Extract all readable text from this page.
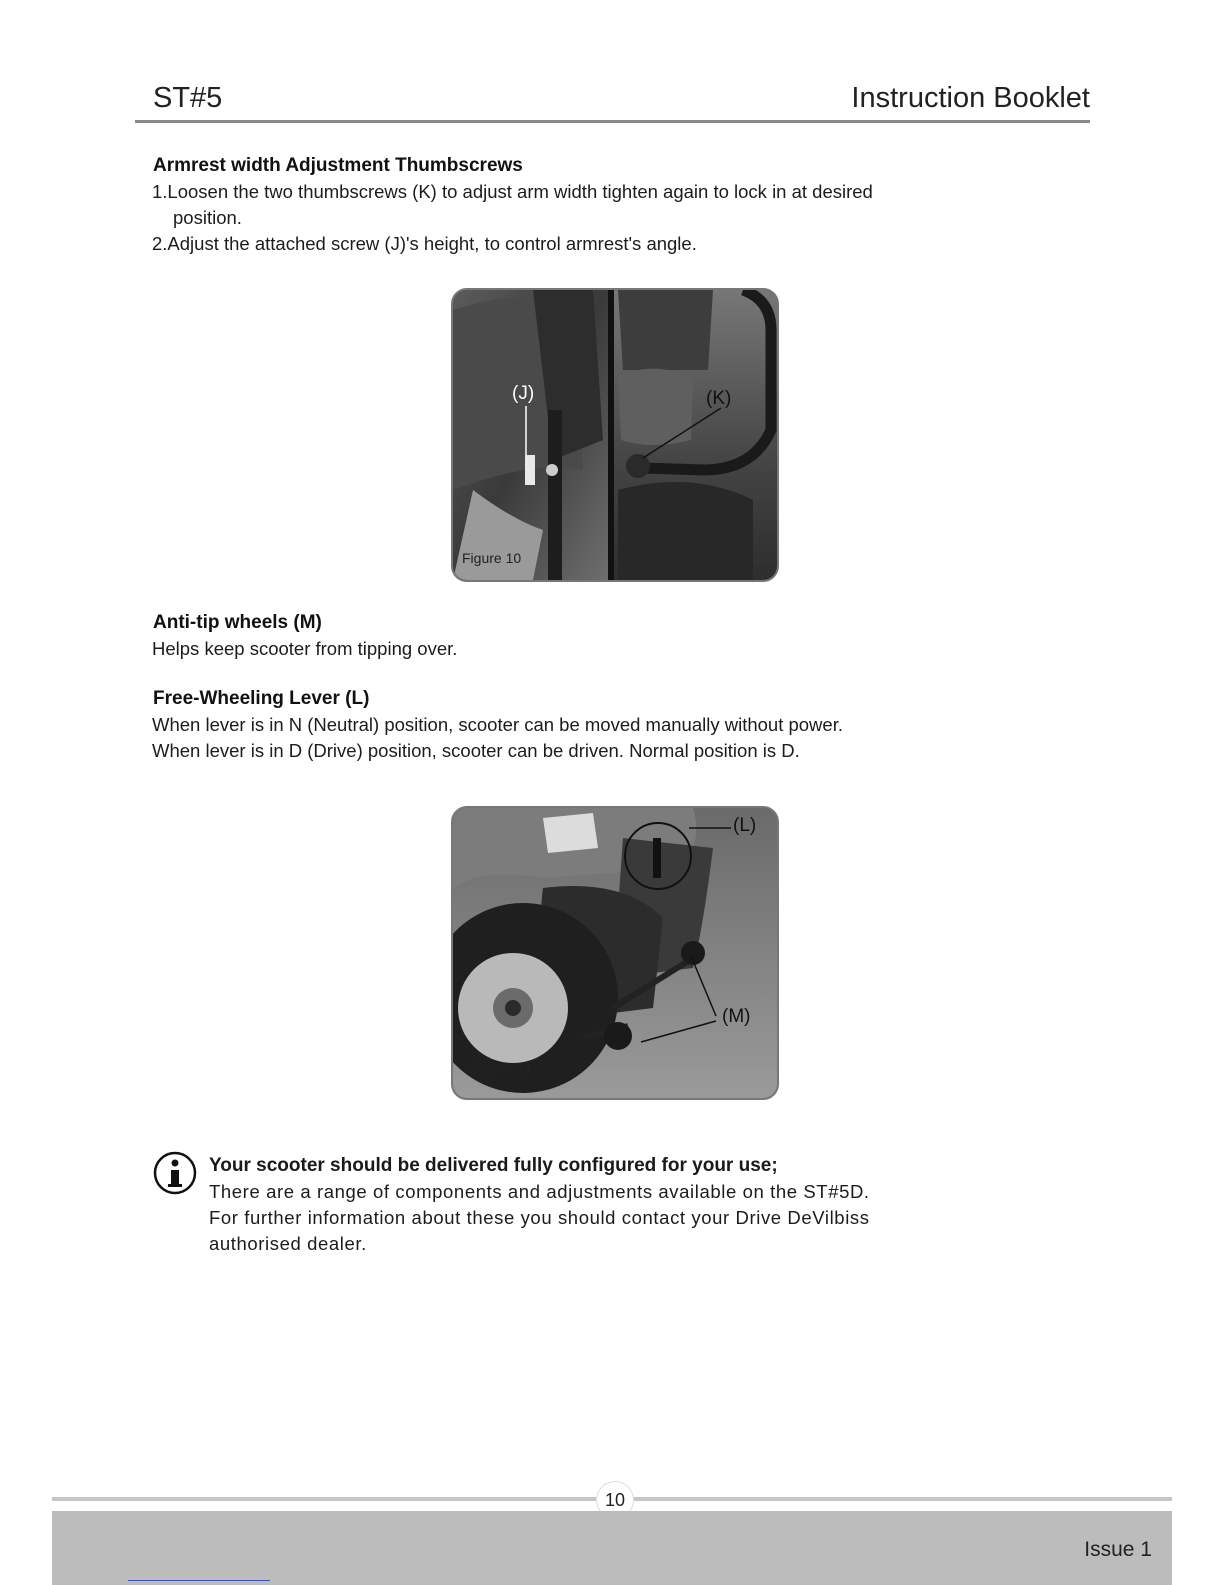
ST#5	Instruction Booklet
Armrest width Adjustment Thumbscrews
1.Loosen the two thumbscrews (K) to adjust arm width tighten again to lock in at desired
position.
2.Adjust the attached screw (J)'s height, to control armrest's angle.
(J)	(K)
Figure 10
Anti-tip wheels (M)
Helps keep scooter from tipping over.
Free-Wheeling Lever (L)
When lever is in N (Neutral) position, scooter can be moved manually without power.
When lever is in D (Drive) position, scooter can be driven. Normal position is D.
(L)
(M)
Figure 11
Your scooter should be delivered fully configured for your use;
There are a range of components and adjustments available on the ST#5D.
For further information about these you should contact your Drive DeVilbiss
authorised dealer.
10
Issue 1
